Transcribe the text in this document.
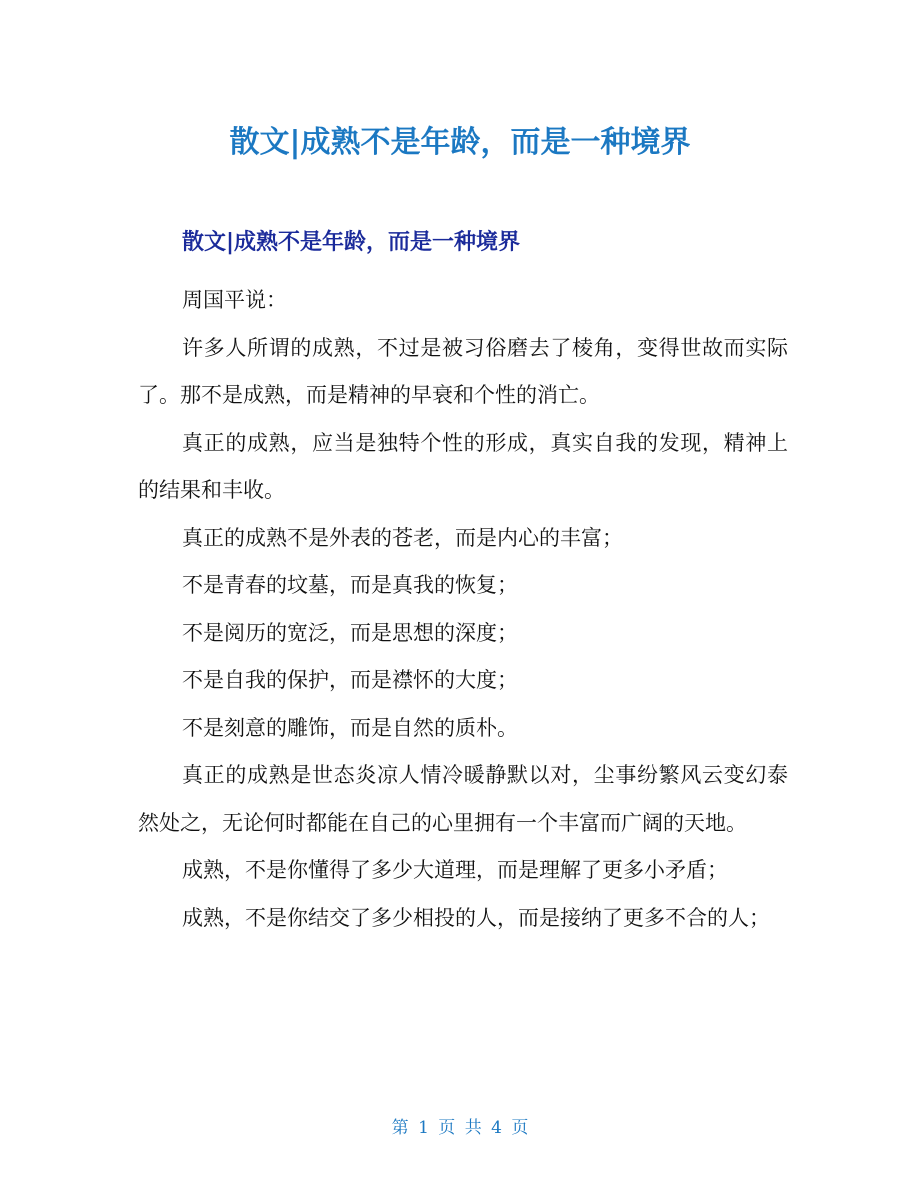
散文|成熟不是年龄，而是一种境界
散文|成熟不是年龄，而是一种境界

周国平说：

许多人所谓的成熟，不过是被习俗磨去了棱角，变得世故而实际了。那不是成熟，而是精神的早衰和个性的消亡。

真正的成熟，应当是独特个性的形成，真实自我的发现，精神上的结果和丰收。

真正的成熟不是外表的苍老，而是内心的丰富；

不是青春的坟墓，而是真我的恢复；

不是阅历的宽泛，而是思想的深度；

不是自我的保护，而是襟怀的大度；

不是刻意的雕饰，而是自然的质朴。

真正的成熟是世态炎凉人情冷暖静默以对，尘事纷繁风云变幻泰然处之，无论何时都能在自己的心里拥有一个丰富而广阔的天地。

成熟，不是你懂得了多少大道理，而是理解了更多小矛盾；

成熟，不是你结交了多少相投的人，而是接纳了更多不合的人；

第 1 页 共 4 页
